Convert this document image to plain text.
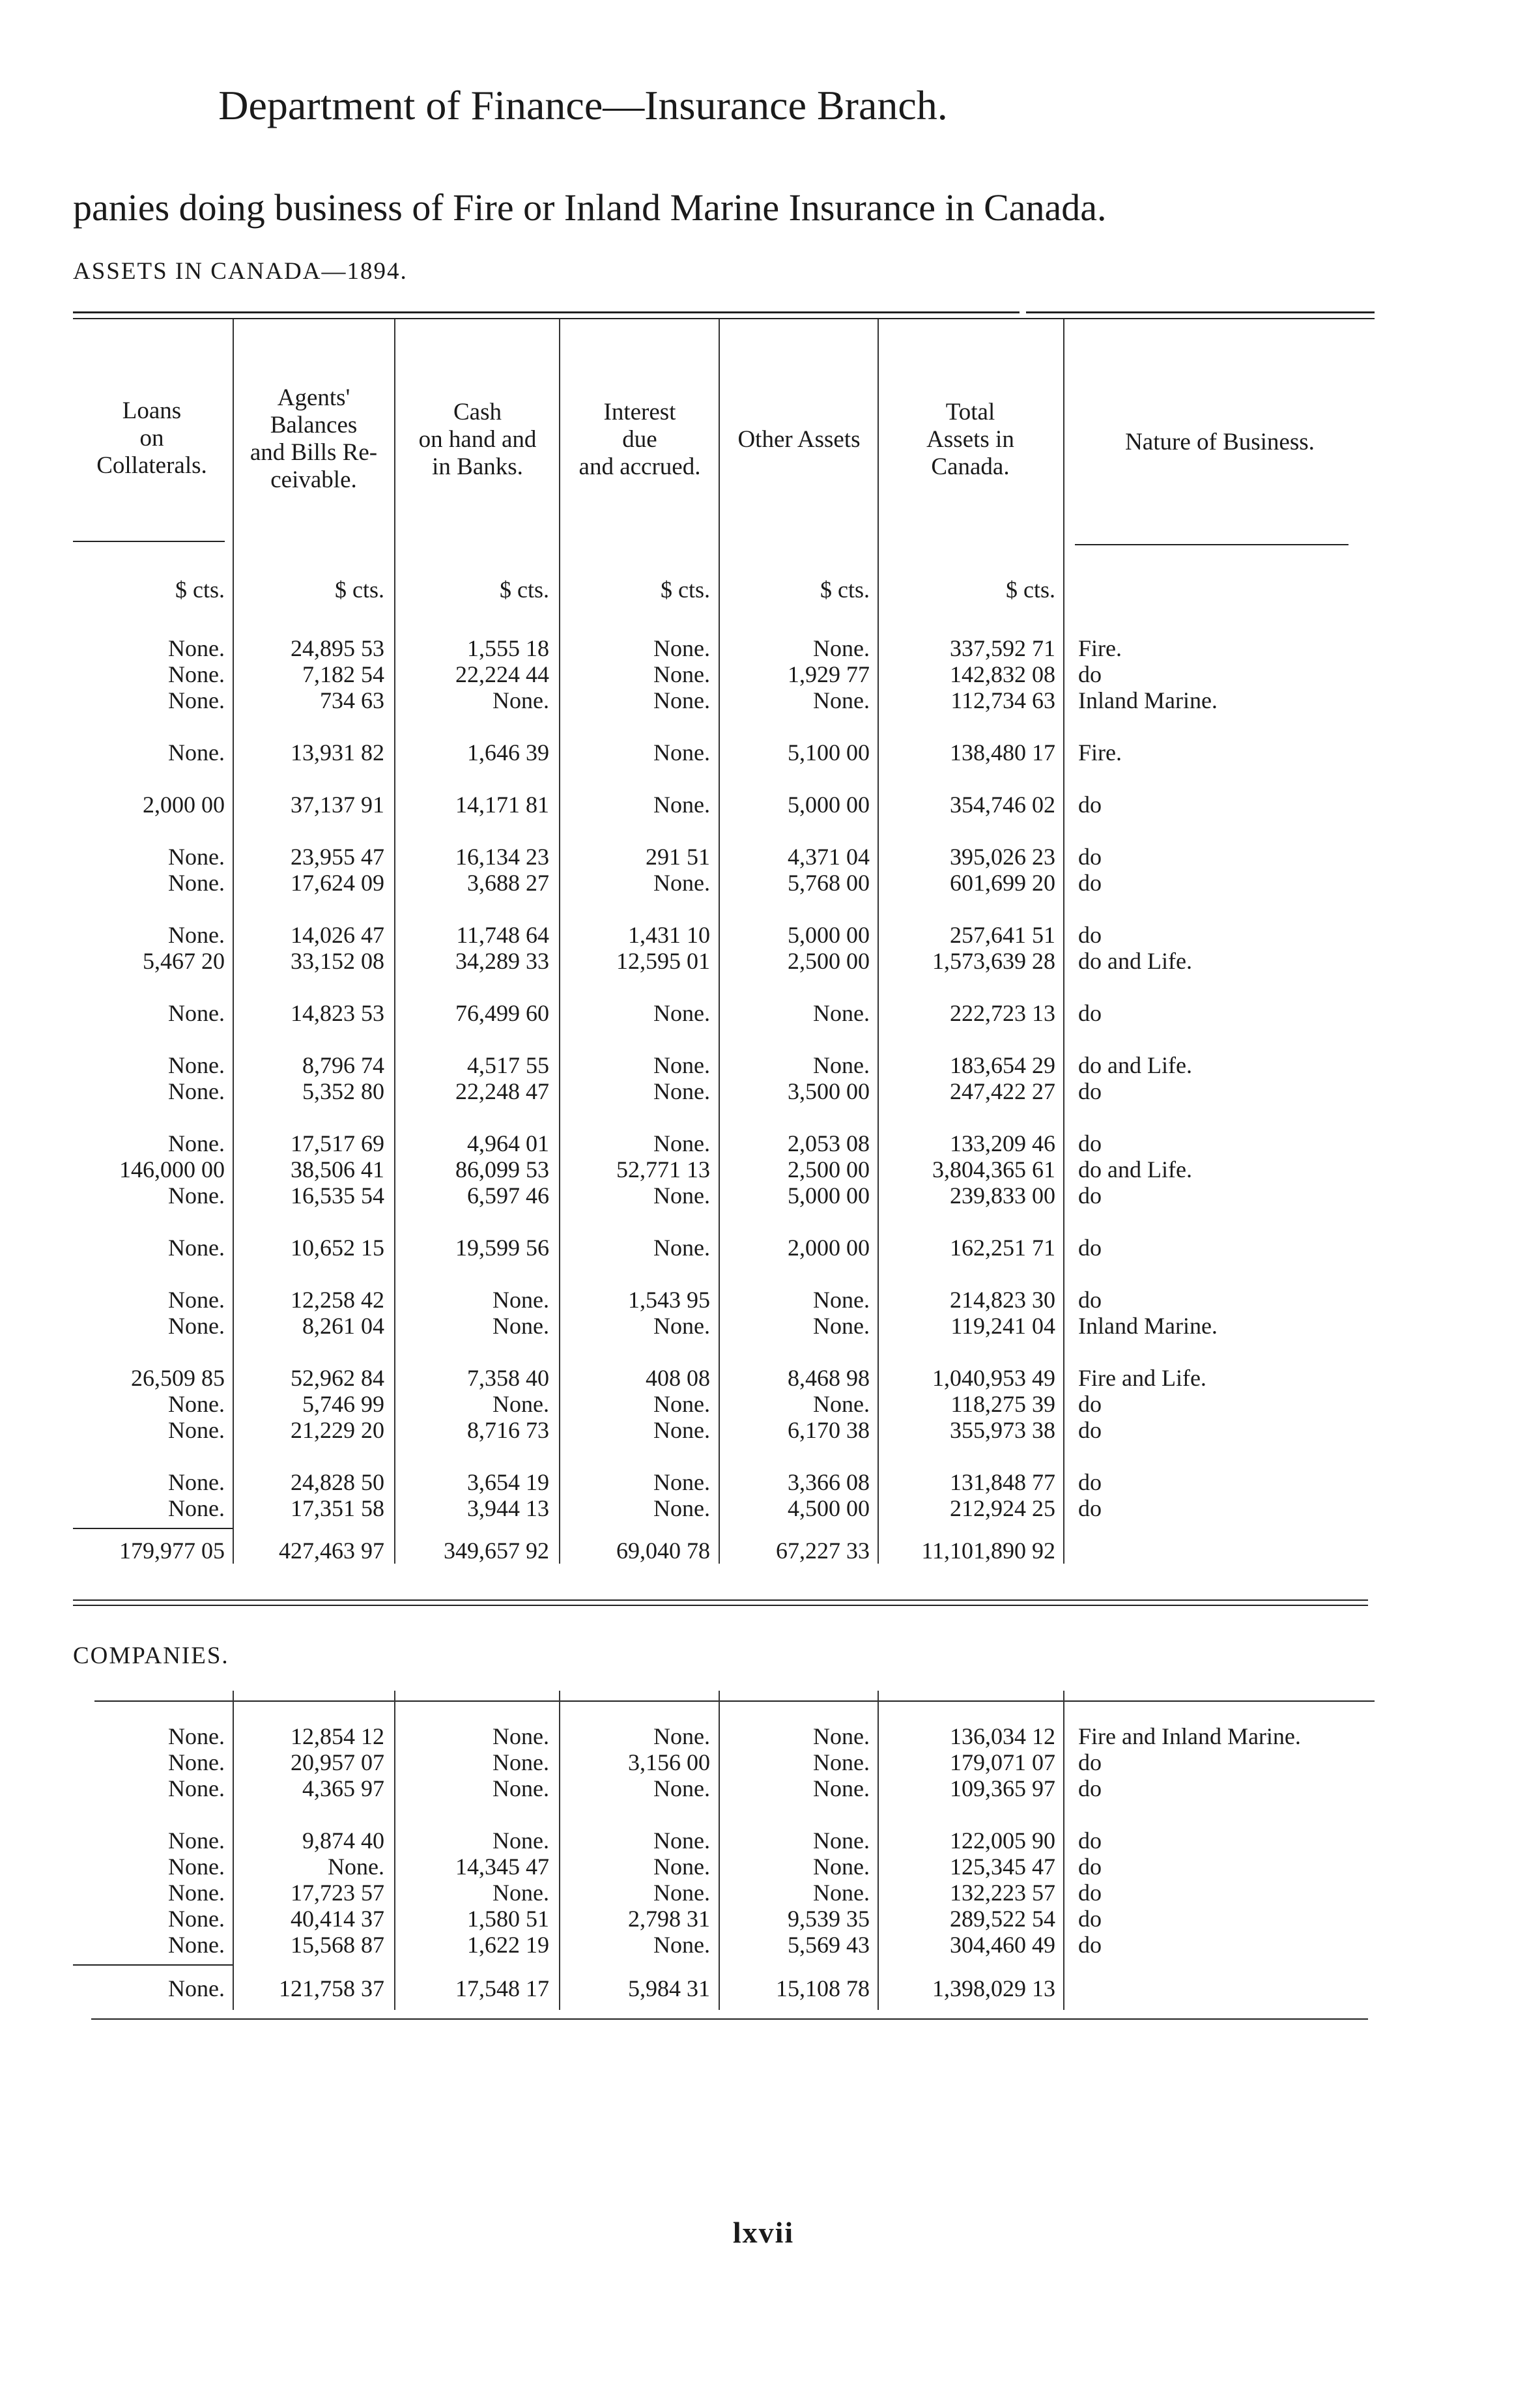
Department of Finance—Insurance Branch.
panies doing business of Fire or Inland Marine Insurance in Canada.
ASSETS IN CANADA—1894.
Loans
on
Collaterals.
Agents'
Balances
and Bills Re-
ceivable.
Cash
on hand and
in Banks.
Interest
due
and accrued.
Other Assets
Total
Assets in
Canada.
Nature of Business.
$ cts.	$ cts.	$ cts.	$ cts.	$ cts.	$ cts.
None.	24,895 53	1,555 18	None.	None.	337,592 71 Fire.
None.	7,182 54	22,224 44	None.	1,929 77	142,832 08 do
None.	734 63	None.	None.	None.	112,734 63 Inland Marine.
None.	13,931 82	1,646 39	None.	5,100 00	138,480 17 Fire.
2,000 00	37,137 91	14,171 81	None.	5,000 00	354,746 02 do
None.	23,955 47	16,134 23	291 51	4,371 04	395,026 23 do
None.	17,624 09	3,688 27	None.	5,768 00	601,699 20 do
None.	14,026 47	11,748 64	1,431 10	5,000 00	257,641 51 do
5,467 20	33,152 08	34,289 33	12,595 01	2,500 00	1,573,639 28 do and Life.
None.	14,823 53	76,499 60	None.	None.	222,723 13 do
None.	8,796 74	4,517 55	None.	None.	183,654 29 do and Life.
None.	5,352 80	22,248 47	None.	3,500 00	247,422 27 do
None.	17,517 69	4,964 01	None.	2,053 08	133,209 46 do
146,000 00	38,506 41	86,099 53	52,771 13	2,500 00	3,804,365 61 do and Life.
None.	16,535 54	6,597 46	None.	5,000 00	239,833 00 do
None.	10,652 15	19,599 56	None.	2,000 00	162,251 71 do
None.	12,258 42	None.	1,543 95	None.	214,823 30 do
None.	8,261 04	None.	None.	None.	119,241 04 Inland Marine.
26,509 85	52,962 84	7,358 40	408 08	8,468 98	1,040,953 49 Fire and Life.
None.	5,746 99	None.	None.	None.	118,275 39 do
None.	21,229 20	8,716 73	None.	6,170 38	355,973 38 do
None.	24,828 50	3,654 19	None.	3,366 08	131,848 77 do
None.	17,351 58	3,944 13	None.	4,500 00	212,924 25 do
179,977 05	427,463 97	349,657 92	69,040 78	67,227 33	11,101,890 92
COMPANIES.
None.	12,854 12	None.	None.	None.	136,034 12 Fire and Inland Marine.
None.	20,957 07	None.	3,156 00	None.	179,071 07 do
None.	4,365 97	None.	None.	None.	109,365 97 do
None.	9,874 40	None.	None.	None.	122,005 90 do
None.	None.	14,345 47	None.	None.	125,345 47 do
None.	17,723 57	None.	None.	None.	132,223 57 do
None.	40,414 37	1,580 51	2,798 31	9,539 35	289,522 54 do
None.	15,568 87	1,622 19	None.	5,569 43	304,460 49 do
None.	121,758 37	17,548 17	5,984 31	15,108 78	1,398,029 13
lxvii
